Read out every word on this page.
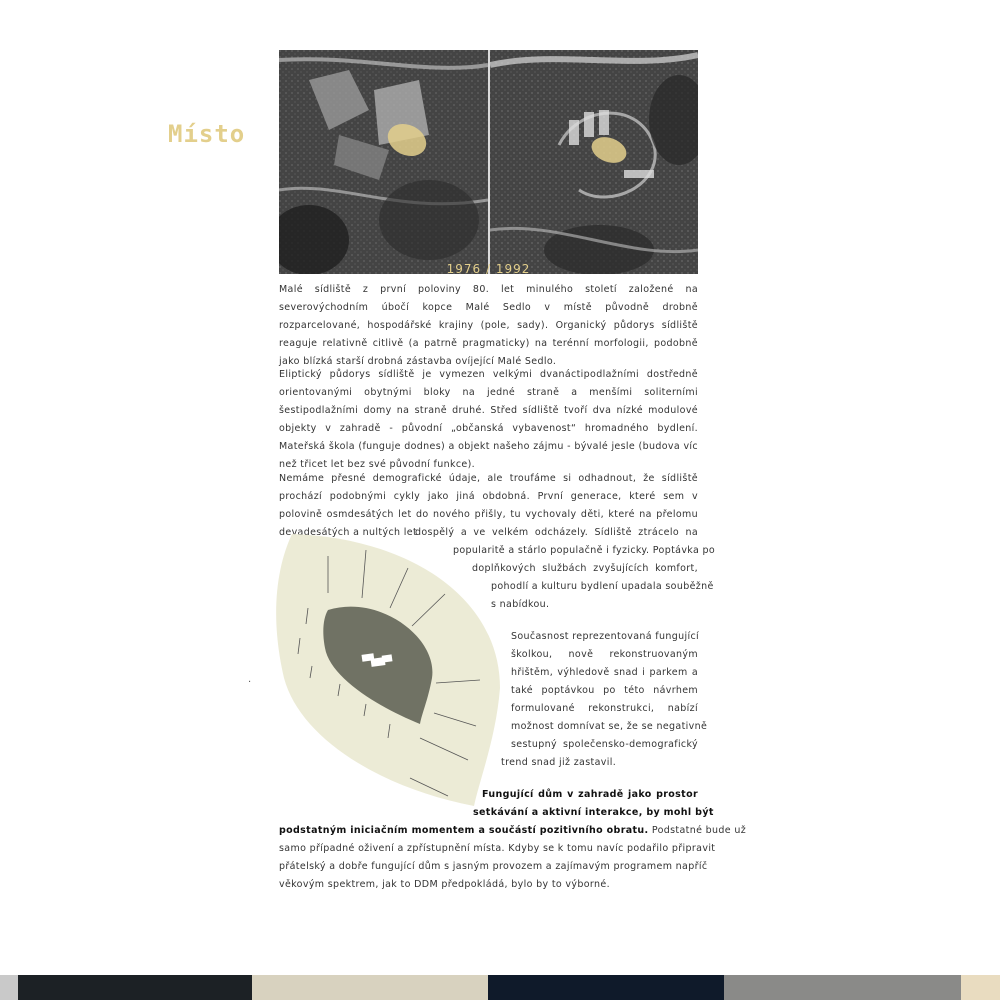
Místo
1976 / 1992

Malé sídliště z první poloviny 80. let minulého století založené na severovýchodním úbočí kopce Malé Sedlo v místě původně drobně rozparcelované, hospodářské krajiny (pole, sady). Organický půdorys sídliště reaguje relativně citlivě (a patrně pragmaticky) na terénní morfologii, podobně jako blízká starší drobná zástavba ovíjející Malé Sedlo.

Eliptický půdorys sídliště je vymezen velkými dvanáctipodlažními dostředně orientovanými obytnými bloky na jedné straně a menšími soliterními šestipodlažními domy na straně druhé. Střed sídliště tvoří dva nízké modulové objekty v zahradě - původní „občanská vybavenost“ hromadného bydlení. Mateřská škola (funguje dodnes) a objekt našeho zájmu - bývalé jesle (budova víc než třicet let bez své původní funkce).

Nemáme přesné demografické údaje, ale troufáme si odhadnout, že sídliště prochází podobnými cykly jako jiná obdobná. První generace, které sem v polovině osmdesátých let do nového přišly, tu vychovaly děti, které na přelomu devadesátých a nultých let

dospělý a ve velkém odcházely. Sídliště ztrácelo na

popularitě a stárlo populačně i fyzicky. Poptávka po

doplňkových službách zvyšujících komfort,

pohodlí a kulturu bydlení upadala souběžně

s nabídkou.

Současnost reprezentovaná fungující

školkou, nově rekonstruovaným

hřištěm, výhledově snad i parkem a

také poptávkou po této návrhem

formulované rekonstrukci, nabízí

možnost domnívat se, že se negativně

sestupný společensko-demografický

trend snad již zastavil.

Fungující dům v zahradě jako prostor

setkávání a aktivní interakce, by mohl být

podstatným iniciačním momentem a součástí pozitivního obratu. Podstatné bude už

samo případné oživení a zpřístupnění místa. Kdyby se k tomu navíc podařilo připravit

přátelský a dobře fungující dům s jasným provozem a zajímavým programem napříč

věkovým spektrem, jak to DDM předpokládá, bylo by to výborné.

·
